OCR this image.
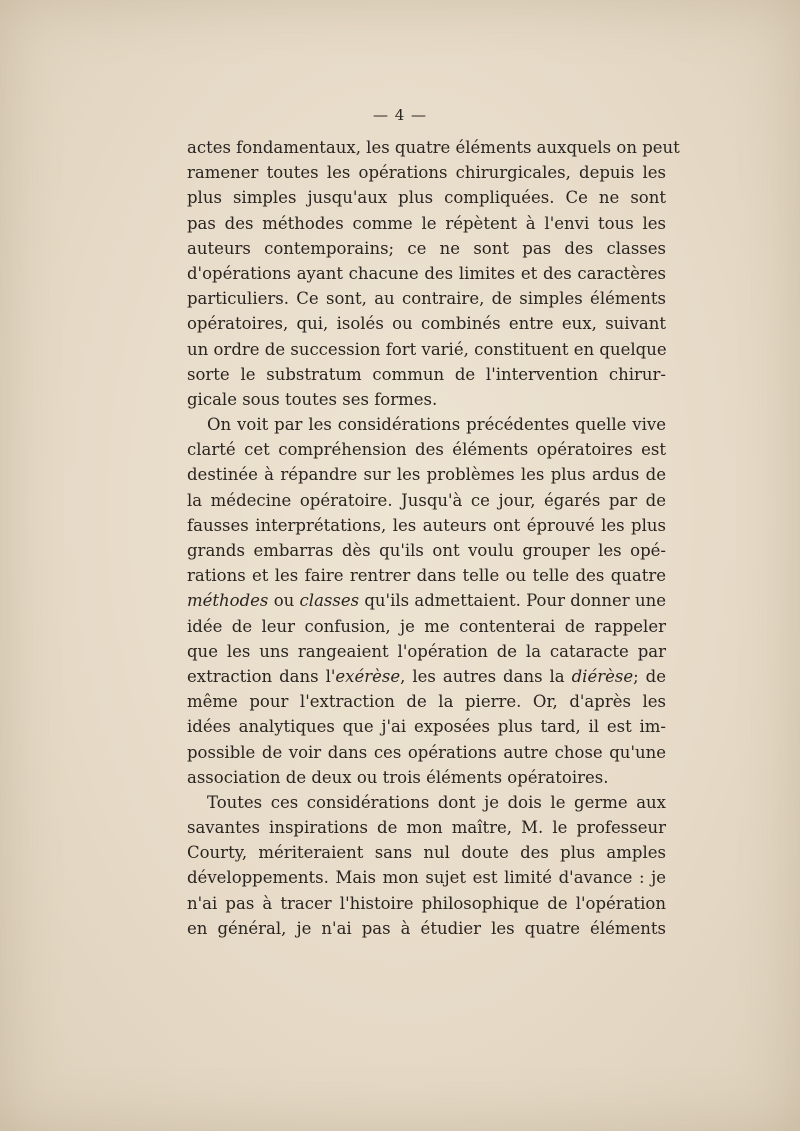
— 4 —
actes fondamentaux, les quatre éléments auxquels on peut
ramener toutes les opérations chirurgicales, depuis les
plus simples jusqu'aux plus compliquées. Ce ne sont
pas des méthodes comme le répètent à l'envi tous les
auteurs contemporains; ce ne sont pas des classes
d'opérations ayant chacune des limites et des caractères
particuliers. Ce sont, au contraire, de simples éléments
opératoires, qui, isolés ou combinés entre eux, suivant
un ordre de succession fort varié, constituent en quelque
sorte le substratum commun de l'intervention chirur-
gicale sous toutes ses formes.
On voit par les considérations précédentes quelle vive
clarté cet compréhension des éléments opératoires est
destinée à répandre sur les problèmes les plus ardus de
la médecine opératoire. Jusqu'à ce jour, égarés par de
fausses interprétations, les auteurs ont éprouvé les plus
grands embarras dès qu'ils ont voulu grouper les opé-
rations et les faire rentrer dans telle ou telle des quatre
méthodes ou classes qu'ils admettaient. Pour donner une
idée de leur confusion, je me contenterai de rappeler
que les uns rangeaient l'opération de la cataracte par
extraction dans l'exérèse, les autres dans la diérèse; de
même pour l'extraction de la pierre. Or, d'après les
idées analytiques que j'ai exposées plus tard, il est im-
possible de voir dans ces opérations autre chose qu'une
association de deux ou trois éléments opératoires.
Toutes ces considérations dont je dois le germe aux
savantes inspirations de mon maître, M. le professeur
Courty, mériteraient sans nul doute des plus amples
développements. Mais mon sujet est limité d'avance : je
n'ai pas à tracer l'histoire philosophique de l'opération
en général, je n'ai pas à étudier les quatre éléments
